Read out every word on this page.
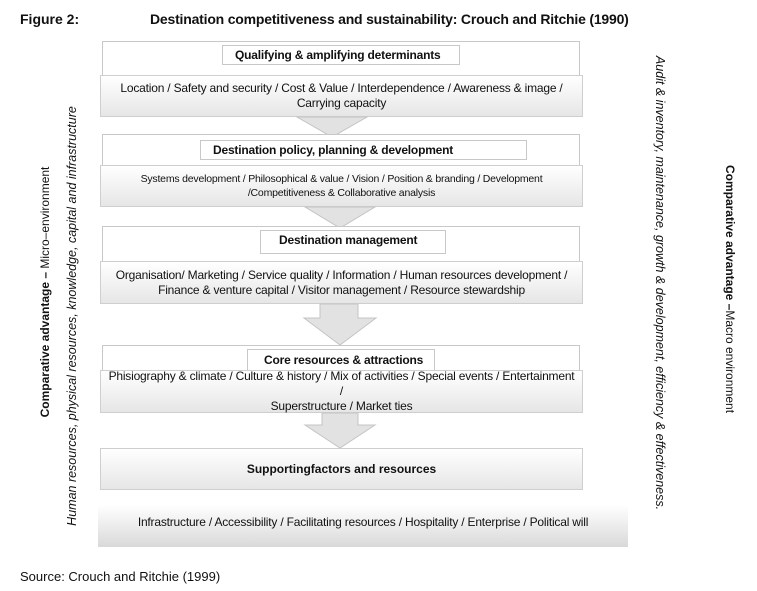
Figure 2:	Destination competitiveness and sustainability: Crouch and Ritchie (1990)
Qualifying & amplifying determinants
Location / Safety and security / Cost & Value / Interdependence / Awareness & image /
Carrying capacity
Destination policy, planning & development
Systems development / Philosophical & value / Vision / Position & branding / Development
/Competitiveness & Collaborative analysis
Destination management
Organisation/ Marketing / Service quality / Information / Human resources development /
Finance & venture capital / Visitor management / Resource stewardship
Core resources & attractions
Phisiography & climate / Culture & history / Mix of activities / Special events / Entertainment /
Superstructure / Market ties
Supportingfactors and resources
Infrastructure / Accessibility / Facilitating resources / Hospitality / Enterprise / Political will
Comparative advantage – Micro–environment Human resources, physical resources, knowledge, capital and infrastructure	Audit & inventory, maintenance, growth & development, efficiency & effectiveness.	Comparative advantage –Macro environment
Source: Crouch and Ritchie (1999)
